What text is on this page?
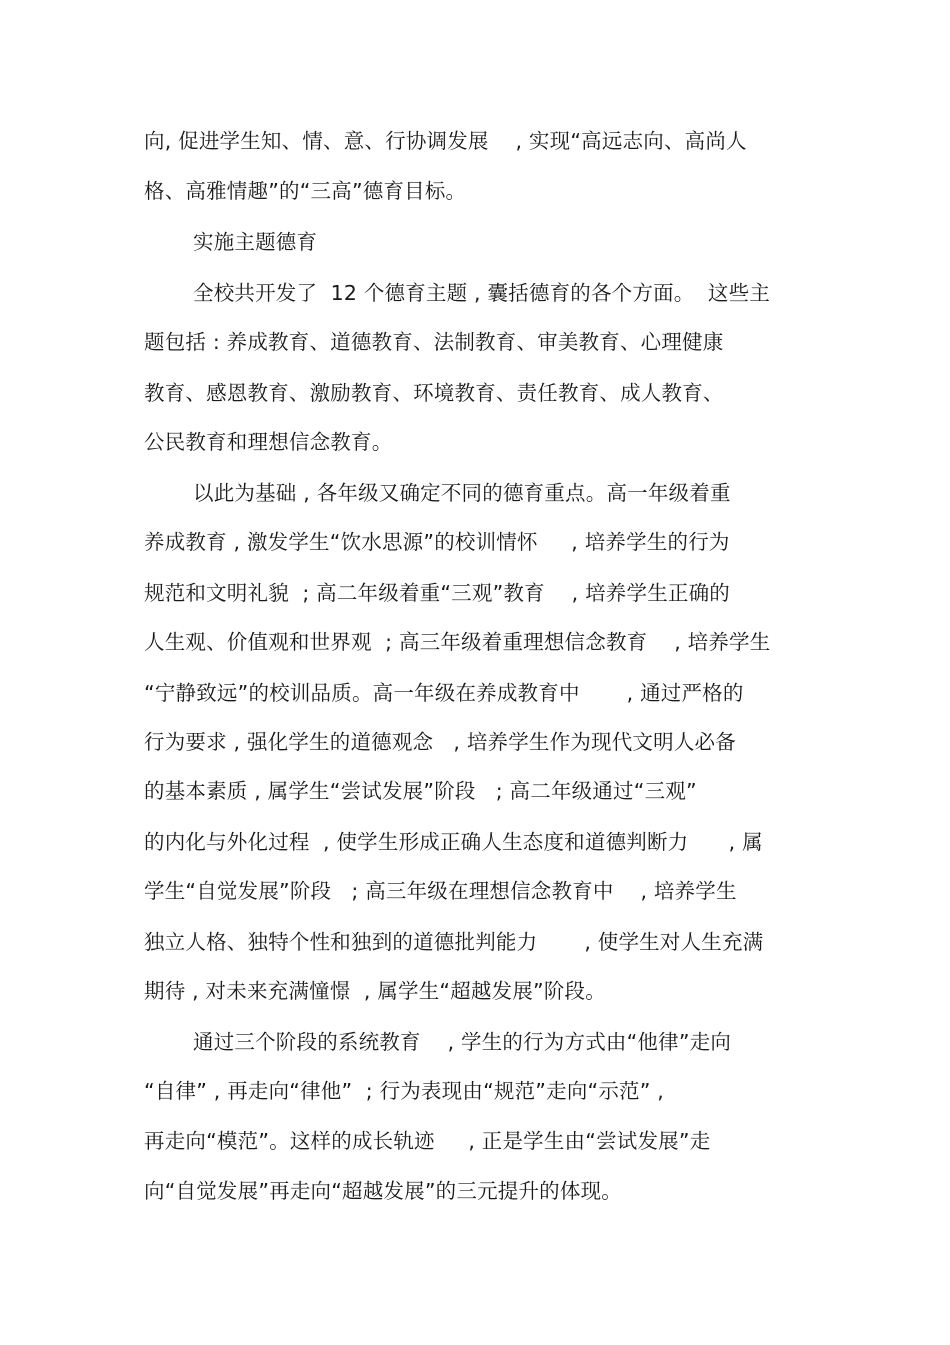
向, 促进学生知、情、意、行协调发展    , 实现“高远志向、高尚人
格、高雅情趣”的“三高”德育目标。
实施主题德育
全校共开发了  12 个德育主题 , 囊括德育的各个方面。  这些主
题包括 : 养成教育、道德教育、法制教育、审美教育、心理健康
教育、感恩教育、激励教育、环境教育、责任教育、成人教育、
公民教育和理想信念教育。
以此为基础 , 各年级又确定不同的德育重点。高一年级着重
养成教育 , 激发学生“饮水思源”的校训情怀     , 培养学生的行为
规范和文明礼貌  ; 高二年级着重“三观”教育    , 培养学生正确的
人生观、价值观和世界观  ; 高三年级着重理想信念教育    , 培养学生
“宁静致远”的校训品质。高一年级在养成教育中       , 通过严格的
行为要求 , 强化学生的道德观念   , 培养学生作为现代文明人必备
的基本素质 , 属学生“尝试发展”阶段   ; 高二年级通过“三观”
的内化与外化过程  , 使学生形成正确人生态度和道德判断力      , 属
学生“自觉发展”阶段   ; 高三年级在理想信念教育中    , 培养学生
独立人格、独特个性和独到的道德批判能力       , 使学生对人生充满
期待 , 对未来充满憧憬  , 属学生“超越发展”阶段。
通过三个阶段的系统教育    , 学生的行为方式由“他律”走向
“自律” , 再走向“律他”  ; 行为表现由“规范”走向“示范” ,
再走向“模范”。这样的成长轨迹     , 正是学生由“尝试发展”走
向“自觉发展”再走向“超越发展”的三元提升的体现。
